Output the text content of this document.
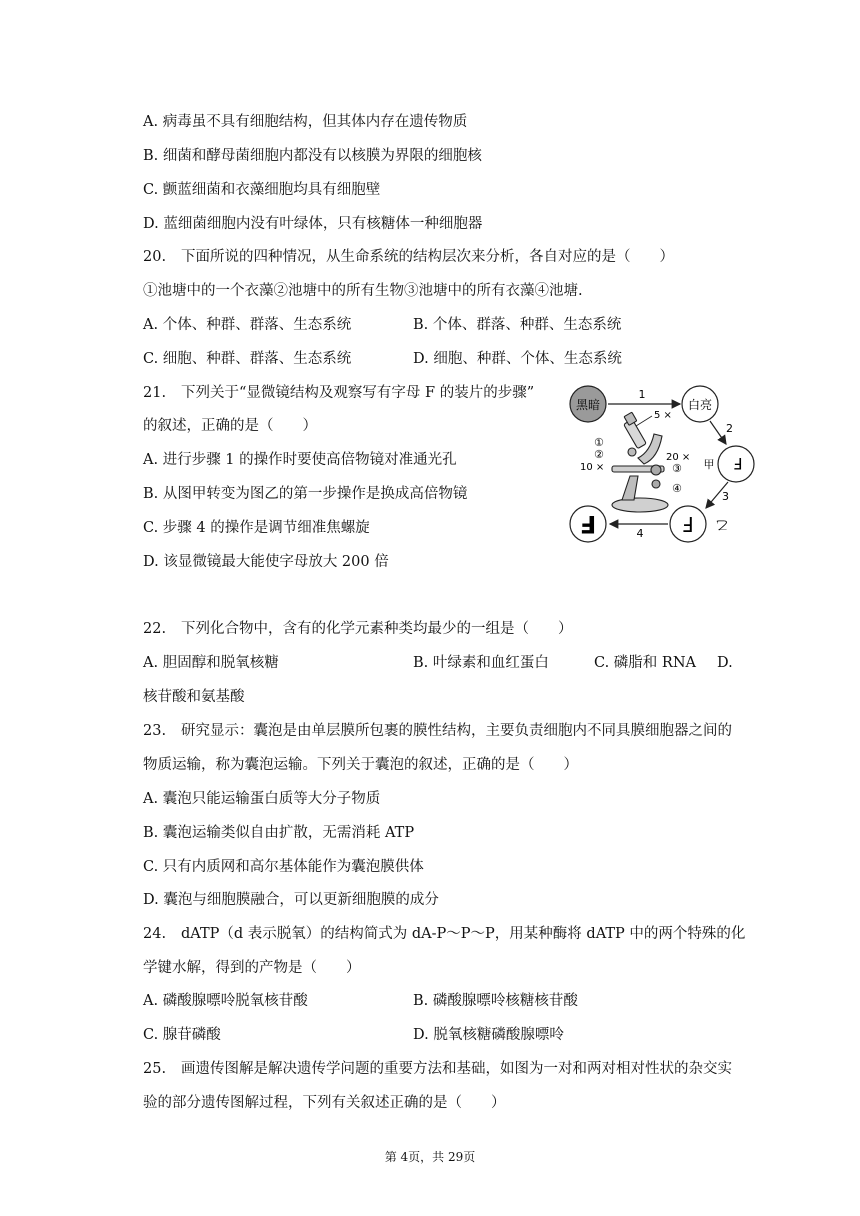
A. 病毒虽不具有细胞结构，但其体内存在遗传物质
B. 细菌和酵母菌细胞内都没有以核膜为界限的细胞核
C. 颤蓝细菌和衣藻细胞均具有细胞壁
D. 蓝细菌细胞内没有叶绿体，只有核糖体一种细胞器
20. 下面所说的四种情况，从生命系统的结构层次来分析，各自对应的是（　　）
①池塘中的一个衣藻②池塘中的所有生物③池塘中的所有衣藻④池塘.
A. 个体、种群、群落、生态系统	B. 个体、群落、种群、生态系统
C. 细胞、种群、群落、生态系统	D. 细胞、种群、个体、生态系统
21. 下列关于“显微镜结构及观察写有字母 F 的装片的步骤”
的叙述，正确的是（　　）
A. 进行步骤 1 的操作时要使高倍物镜对准通光孔
B. 从图甲转变为图乙的第一步操作是换成高倍物镜
C. 步骤 4 的操作是调节细准焦螺旋
D. 该显微镜最大能使字母放大 200 倍
黑暗	白亮
F
甲
F 乙
F
1
2
3
4
5 ×
①
②
10 ×
20 ×
③
④
22. 下列化合物中，含有的化学元素种类均最少的一组是（　　）
A. 胆固醇和脱氧核糖	B. 叶绿素和血红蛋白	C. 磷脂和 RNA D.
核苷酸和氨基酸
23. 研究显示：囊泡是由单层膜所包裹的膜性结构，主要负责细胞内不同具膜细胞器之间的
物质运输，称为囊泡运输。下列关于囊泡的叙述，正确的是（　　）
A. 囊泡只能运输蛋白质等大分子物质
B. 囊泡运输类似自由扩散，无需消耗 ATP
C. 只有内质网和高尔基体能作为囊泡膜供体
D. 囊泡与细胞膜融合，可以更新细胞膜的成分
24. dATP（d 表示脱氧）的结构简式为 dA-P～P～P，用某种酶将 dATP 中的两个特殊的化
学键水解，得到的产物是（　　）
A. 磷酸腺嘌呤脱氧核苷酸	B. 磷酸腺嘌呤核糖核苷酸
C. 腺苷磷酸	D. 脱氧核糖磷酸腺嘌呤
25. 画遗传图解是解决遗传学问题的重要方法和基础，如图为一对和两对相对性状的杂交实
验的部分遗传图解过程，下列有关叙述正确的是（　　）
第 4页，共 29页
